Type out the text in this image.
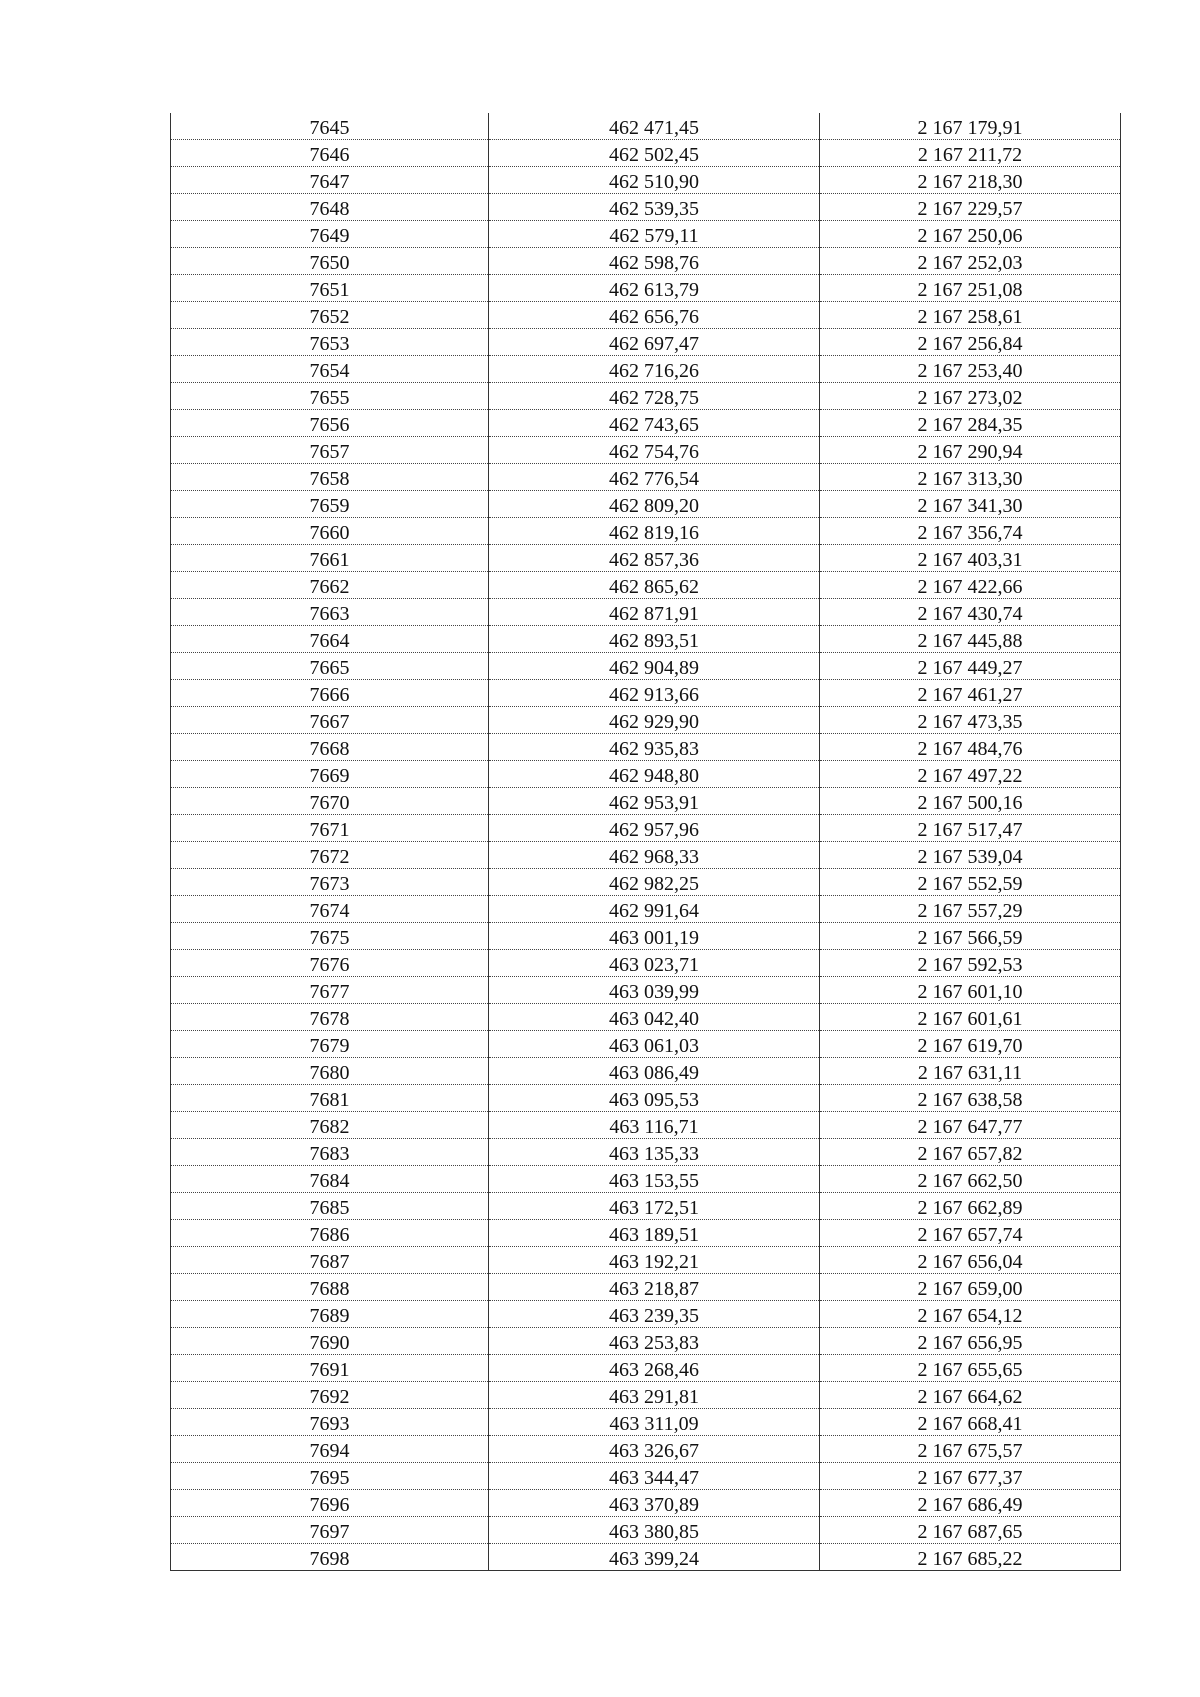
7645	462 471,45	2 167 179,91
7646	462 502,45	2 167 211,72
7647	462 510,90	2 167 218,30
7648	462 539,35	2 167 229,57
7649	462 579,11	2 167 250,06
7650	462 598,76	2 167 252,03
7651	462 613,79	2 167 251,08
7652	462 656,76	2 167 258,61
7653	462 697,47	2 167 256,84
7654	462 716,26	2 167 253,40
7655	462 728,75	2 167 273,02
7656	462 743,65	2 167 284,35
7657	462 754,76	2 167 290,94
7658	462 776,54	2 167 313,30
7659	462 809,20	2 167 341,30
7660	462 819,16	2 167 356,74
7661	462 857,36	2 167 403,31
7662	462 865,62	2 167 422,66
7663	462 871,91	2 167 430,74
7664	462 893,51	2 167 445,88
7665	462 904,89	2 167 449,27
7666	462 913,66	2 167 461,27
7667	462 929,90	2 167 473,35
7668	462 935,83	2 167 484,76
7669	462 948,80	2 167 497,22
7670	462 953,91	2 167 500,16
7671	462 957,96	2 167 517,47
7672	462 968,33	2 167 539,04
7673	462 982,25	2 167 552,59
7674	462 991,64	2 167 557,29
7675	463 001,19	2 167 566,59
7676	463 023,71	2 167 592,53
7677	463 039,99	2 167 601,10
7678	463 042,40	2 167 601,61
7679	463 061,03	2 167 619,70
7680	463 086,49	2 167 631,11
7681	463 095,53	2 167 638,58
7682	463 116,71	2 167 647,77
7683	463 135,33	2 167 657,82
7684	463 153,55	2 167 662,50
7685	463 172,51	2 167 662,89
7686	463 189,51	2 167 657,74
7687	463 192,21	2 167 656,04
7688	463 218,87	2 167 659,00
7689	463 239,35	2 167 654,12
7690	463 253,83	2 167 656,95
7691	463 268,46	2 167 655,65
7692	463 291,81	2 167 664,62
7693	463 311,09	2 167 668,41
7694	463 326,67	2 167 675,57
7695	463 344,47	2 167 677,37
7696	463 370,89	2 167 686,49
7697	463 380,85	2 167 687,65
7698	463 399,24	2 167 685,22
